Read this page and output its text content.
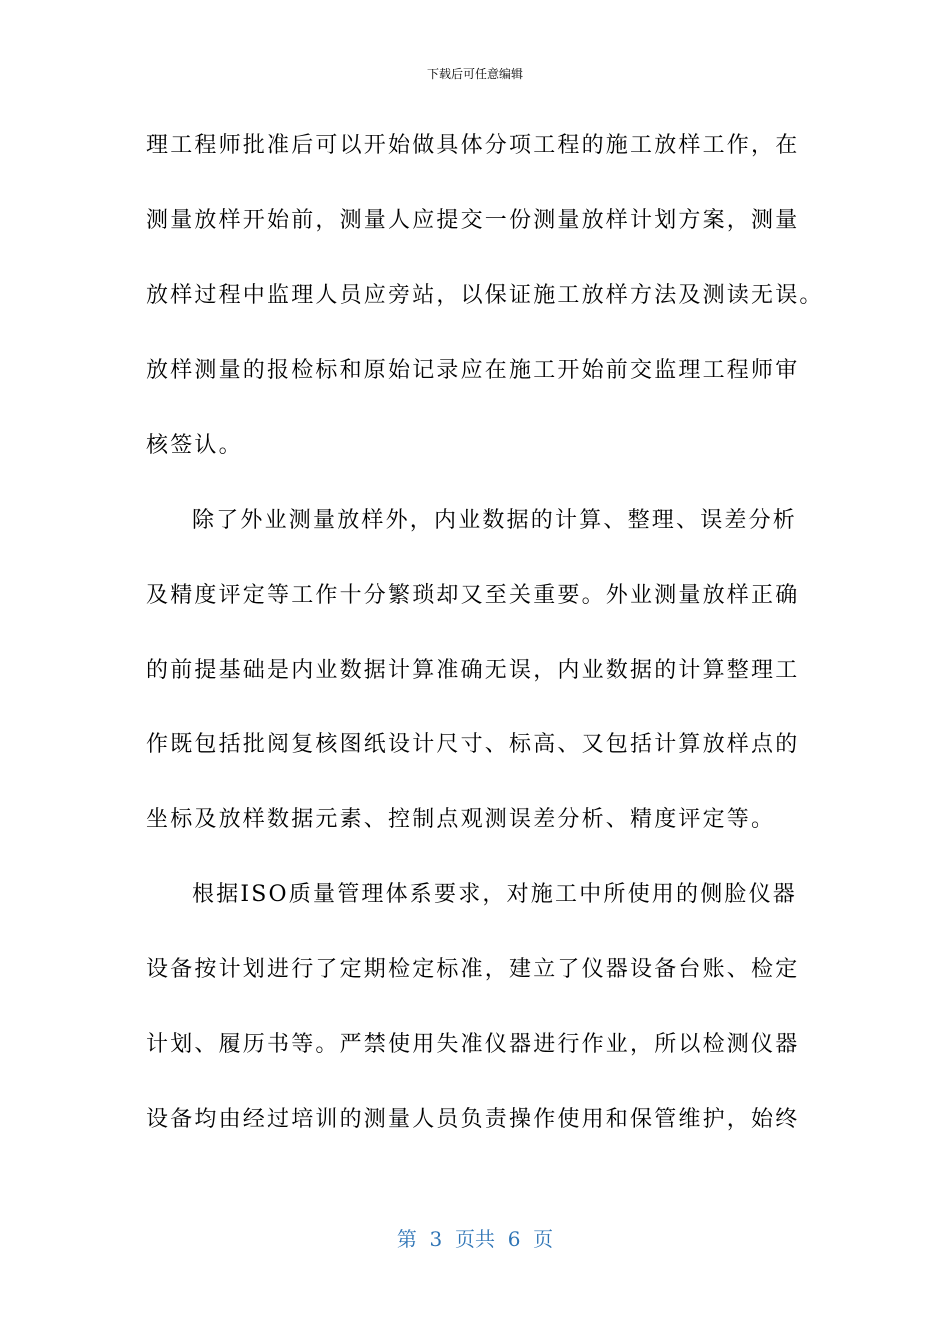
下载后可任意编辑
理工程师批准后可以开始做具体分项工程的施工放样工作，在
测量放样开始前，测量人应提交一份测量放样计划方案，测量
放样过程中监理人员应旁站，以保证施工放样方法及测读无误。
放样测量的报检标和原始记录应在施工开始前交监理工程师审
核签认。
除了外业测量放样外，内业数据的计算、整理、误差分析
及精度评定等工作十分繁琐却又至关重要。外业测量放样正确
的前提基础是内业数据计算准确无误，内业数据的计算整理工
作既包括批阅复核图纸设计尺寸、标高、又包括计算放样点的
坐标及放样数据元素、控制点观测误差分析、精度评定等。
根据ISO质量管理体系要求，对施工中所使用的侧脸仪器
设备按计划进行了定期检定标准，建立了仪器设备台账、检定
计划、履历书等。严禁使用失准仪器进行作业，所以检测仪器
设备均由经过培训的测量人员负责操作使用和保管维护，始终
第  3  页共  6  页
